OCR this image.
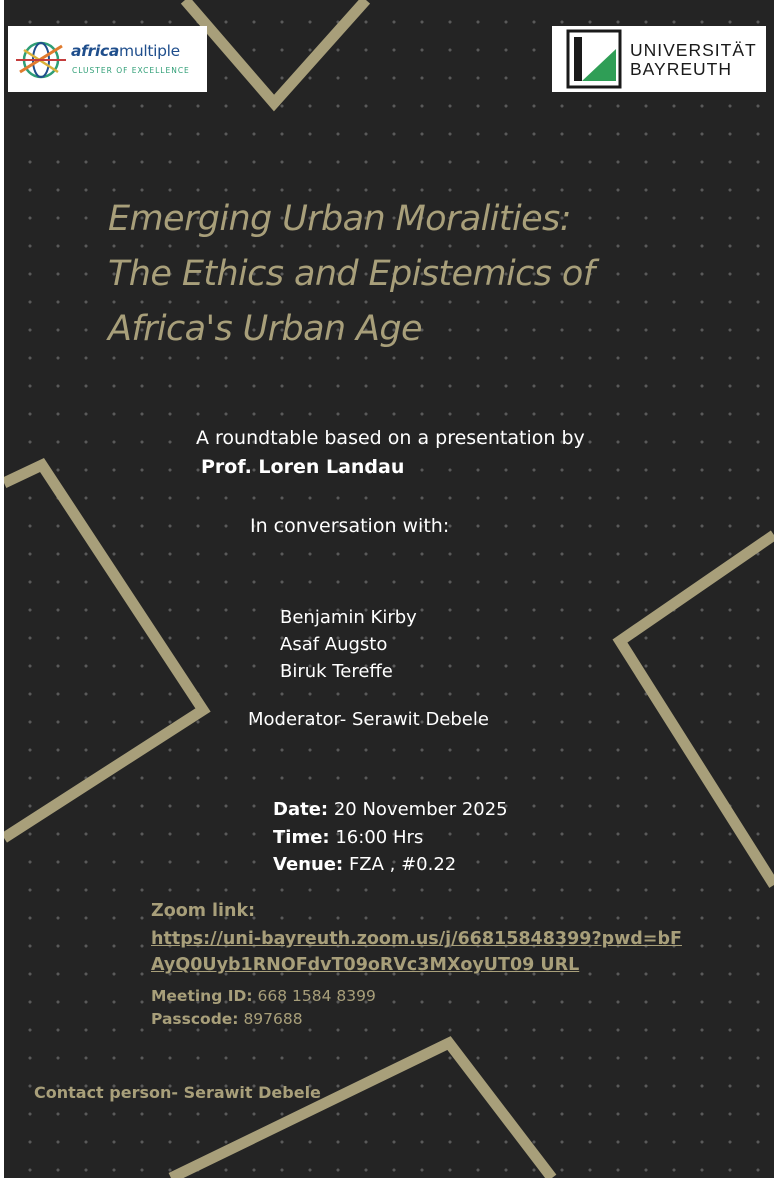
africamultiple
CLUSTER OF EXCELLENCE
UNIVERSITÄT
BAYREUTH
Emerging Urban Moralities:
The Ethics and Epistemics of
Africa's Urban Age
A roundtable based on a presentation by
Prof. Loren Landau
In conversation with:
Benjamin Kirby
Asaf Augsto
Biruk Tereffe
Moderator- Serawit Debele
Date: 20 November 2025
Time: 16:00 Hrs
Venue: FZA , #0.22
Zoom link:
https://uni-bayreuth.zoom.us/j/66815848399?pwd=bF
AyQ0Uyb1RNOFdvT09oRVc3MXoyUT09 URL
Meeting ID: 668 1584 8399
Passcode: 897688
Contact person- Serawit Debele
